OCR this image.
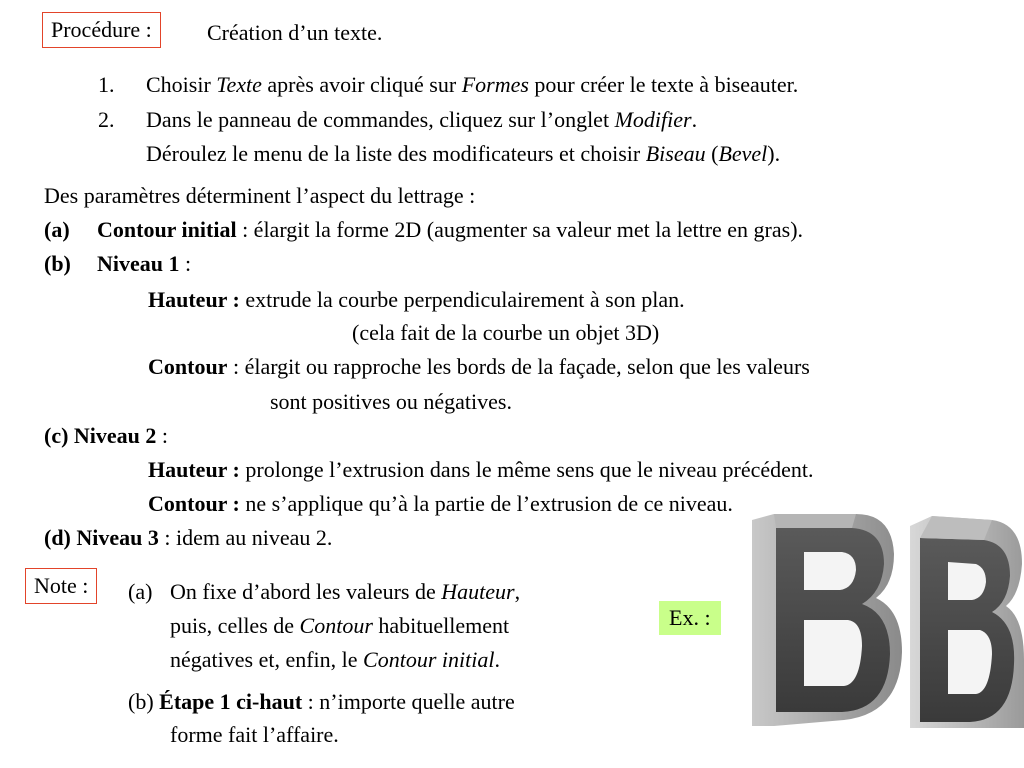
Procédure :	Création d’un texte.
1. Choisir Texte après avoir cliqué sur Formes pour créer le texte à biseauter.
2. Dans le panneau de commandes, cliquez sur l’onglet Modifier.
Déroulez le menu de la liste des modificateurs et choisir Biseau (Bevel).
Des paramètres déterminent l’aspect du lettrage :
(a) Contour initial : élargit la forme 2D (augmenter sa valeur met la lettre en gras).
(b) Niveau 1 :
Hauteur : extrude la courbe perpendiculairement à son plan.
(cela fait de la courbe un objet 3D)
Contour : élargit ou rapproche les bords de la façade, selon que les valeurs
sont positives ou négatives.
(c) Niveau 2 :
Hauteur : prolonge l’extrusion dans le même sens que le niveau précédent.
Contour : ne s’applique qu’à la partie de l’extrusion de ce niveau.
(d) Niveau 3 : idem au niveau 2.
Note :	(a) On fixe d’abord les valeurs de Hauteur,
puis, celles de Contour habituellement
négatives et, enfin, le Contour initial.
(b) Étape 1 ci-haut : n’importe quelle autre
forme fait l’affaire.
Ex. :
